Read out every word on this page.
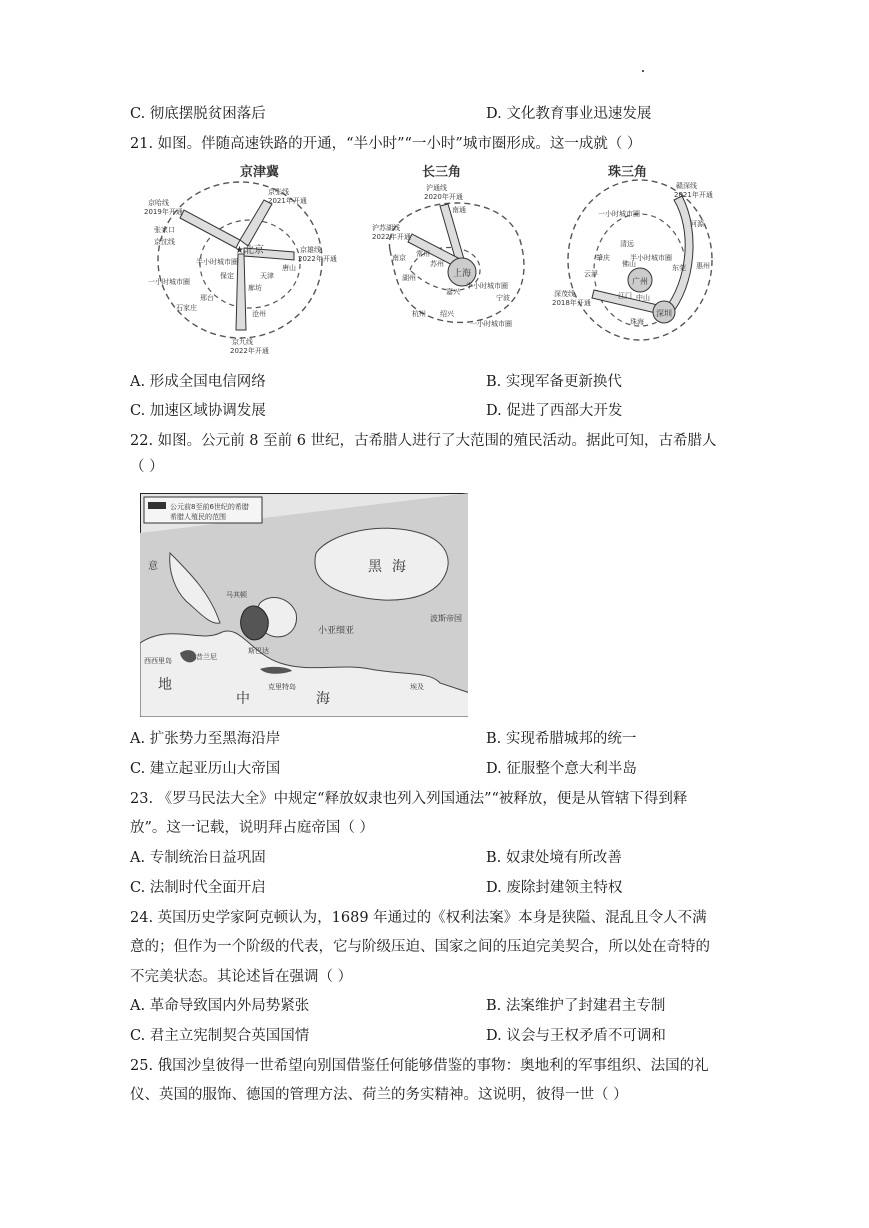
C. 彻底摆脱贫困落后	D. 文化教育事业迅速发展
21. 如图。伴随高速铁路的开通，“半小时”“一小时”城市圈形成。这一成就（ ）
京津冀
★北京
京哈线
2019年开通
京张线
2021年开通
京雄线
2022年开通
张家口
天津
唐山
保定
廊坊
沧州
石家庄
邢台
京沈线
一小时城市圈
半小时城市圈
京九线
2022年开通
长三角
上海
沪通线
2020年开通
南通
沪苏湖线
2022年开通
南京 常州
苏州
嘉兴
湖州
杭州
宁波
绍兴
半小时城市圈
一小时城市圈
珠三角
广州
深圳
赣深线
2021年开通
一小时城市圈
清远
河源
肇庆
佛山	东莞 惠州
云浮
江门 中山
半小时城市圈
深茂线
2018年开通
珠海
A. 形成全国电信网络	B. 实现军备更新换代
C. 加速区域协调发展	D. 促进了西部大开发
22. 如图。公元前 8 至前 6 世纪，古希腊人进行了大范围的殖民活动。据此可知，古希腊人
（ ）
公元前8至前6世纪的希腊
希腊人殖民的范围
黑 海
小亚细亚
波斯帝国
地
中	海
意
西西里岛
马其顿
克里特岛	埃及
昔兰尼
斯巴达
A. 扩张势力至黑海沿岸	B. 实现希腊城邦的统一
C. 建立起亚历山大帝国	D. 征服整个意大利半岛
23. 《罗马民法大全》中规定“释放奴隶也列入列国通法”“被释放，便是从管辖下得到释
放”。这一记载，说明拜占庭帝国（ ）
A. 专制统治日益巩固	B. 奴隶处境有所改善
C. 法制时代全面开启	D. 废除封建领主特权
24. 英国历史学家阿克顿认为，1689 年通过的《权利法案》本身是狭隘、混乱且令人不满
意的；但作为一个阶级的代表，它与阶级压迫、国家之间的压迫完美契合，所以处在奇特的
不完美状态。其论述旨在强调（ ）
A. 革命导致国内外局势紧张	B. 法案维护了封建君主专制
C. 君主立宪制契合英国国情	D. 议会与王权矛盾不可调和
25. 俄国沙皇彼得一世希望向别国借鉴任何能够借鉴的事物：奥地利的军事组织、法国的礼
仪、英国的服饰、德国的管理方法、荷兰的务实精神。这说明，彼得一世（ ）
